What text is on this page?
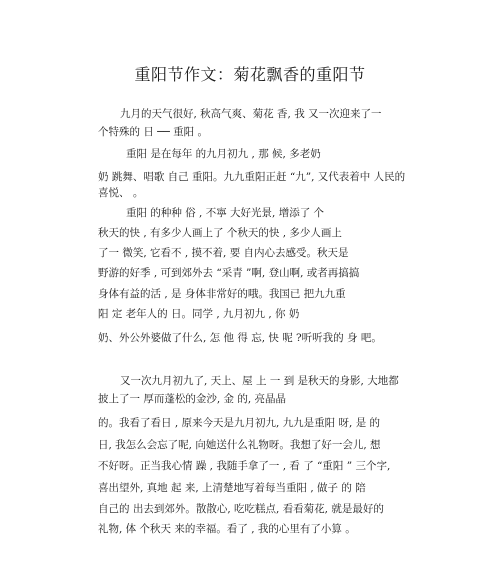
重阳节作文：菊花飘香的重阳节
九月的天气很好, 秋高气爽、菊花 香, 我 又一次迎来了一
个特殊的 日 ── 重阳 。
重阳 是在每年 的九月初九 , 那 候, 多老奶
奶 跳舞、唱歌 自己 重阳。九九重阳正赶 “九”, 又代表着中 人民的
喜悦、 。
重阳 的种种 俗 , 不寧 大好光景, 增添了 个
秋天的快 , 有多少人画上了 个秋天的快 , 多少人画上
了一 微笑, 它看不 , 摸不着, 要 自内心去感受。秋天是
野游的好季 , 可到郊外去 “采青 ”啊, 登山啊, 或者再搞搞
身体有益的活 , 是 身体非常好的哦。我国已 把九九重
阳 定 老年人的 日。同学 , 九月初九 , 你 奶
奶、外公外婆做了什么, 怎 他 得 忘, 快 呢 ?听听我的 身 吧。
又一次九月初九了, 天上、屋 上 一 到 是秋天的身影, 大地都
披上了一 厚而蓬松的金沙, 金 的, 亮晶晶
的。我看了看日 , 原来今天是九月初九, 九九是重阳 呀, 是 的
日, 我怎么会忘了呢, 向她送什么礼物呀。我想了好一会儿, 想
不好呀。正当我心情 躁 , 我随手拿了一 , 看 了 “重阳 ” 三个字,
喜出望外, 真地 起 来, 上清楚地写着每当重阳 , 做子 的 陪
自己的 出去到郊外。散散心, 吃吃糕点, 看看菊花, 就是最好的
礼物, 体 个秋天 来的幸福。看了 , 我的心里有了小算 。
